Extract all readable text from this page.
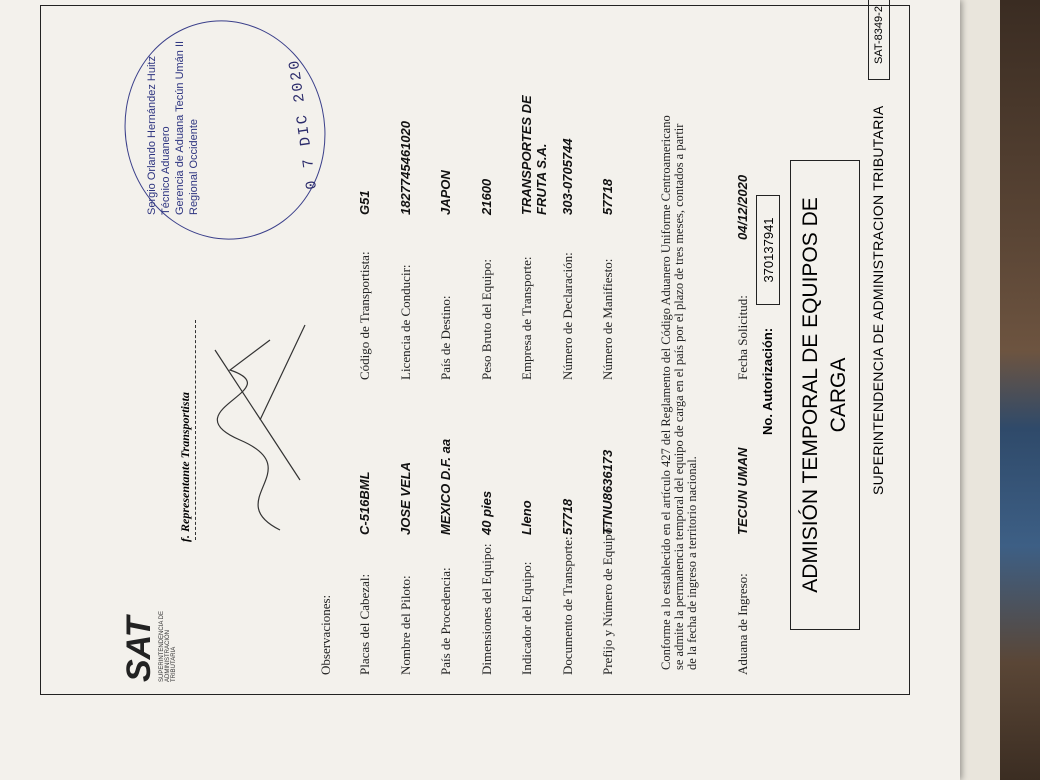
SUPERINTENDENCIA DE ADMINISTRACION TRIBUTARIA
SAT-8349-2
SAT SUPERINTENDENCIA DE ADMINISTRACIÓN TRIBUTARIA
ADMISIÓN TEMPORAL DE EQUIPOS DE CARGA
No. Autorización:
370137941
Aduana de Ingreso:
TECUN UMAN
Fecha Solicitud:
04/12/2020
Conforme a lo establecido en el artículo 427 del Reglamento del Código Aduanero Uniforme Centroamericano se admite la permanencia temporal del equipo de carga en el país por el plazo de tres meses, contados a partir de la fecha de ingreso a territorio nacional.
Prefijo y Número de Equipo:
TTNU8636173
Documento de Transporte:
57718
Indicador del Equipo:
Lleno
Dimensiones del Equipo:
40 pies
País de Procedencia:
MEXICO D.F. aa
Nombre del Piloto:
JOSE VELA
Placas del Cabezal:
C-516BML
Número de Manifiesto:
57718
Número de Declaración:
303-0705744
Empresa de Transporte:
TRANSPORTES DE FRUTA S.A.
Peso Bruto del Equipo:
21600
País de Destino:
JAPON
Licencia de Conducir:
1827745461020
Código de Transportista:
G51
Observaciones:
f. Representante Transportista
Sergio Orlando Hernández Huitz Técnico Aduanero Gerencia de Aduana Tecún Umán II Regional Occidente	0 7 DIC 2020
